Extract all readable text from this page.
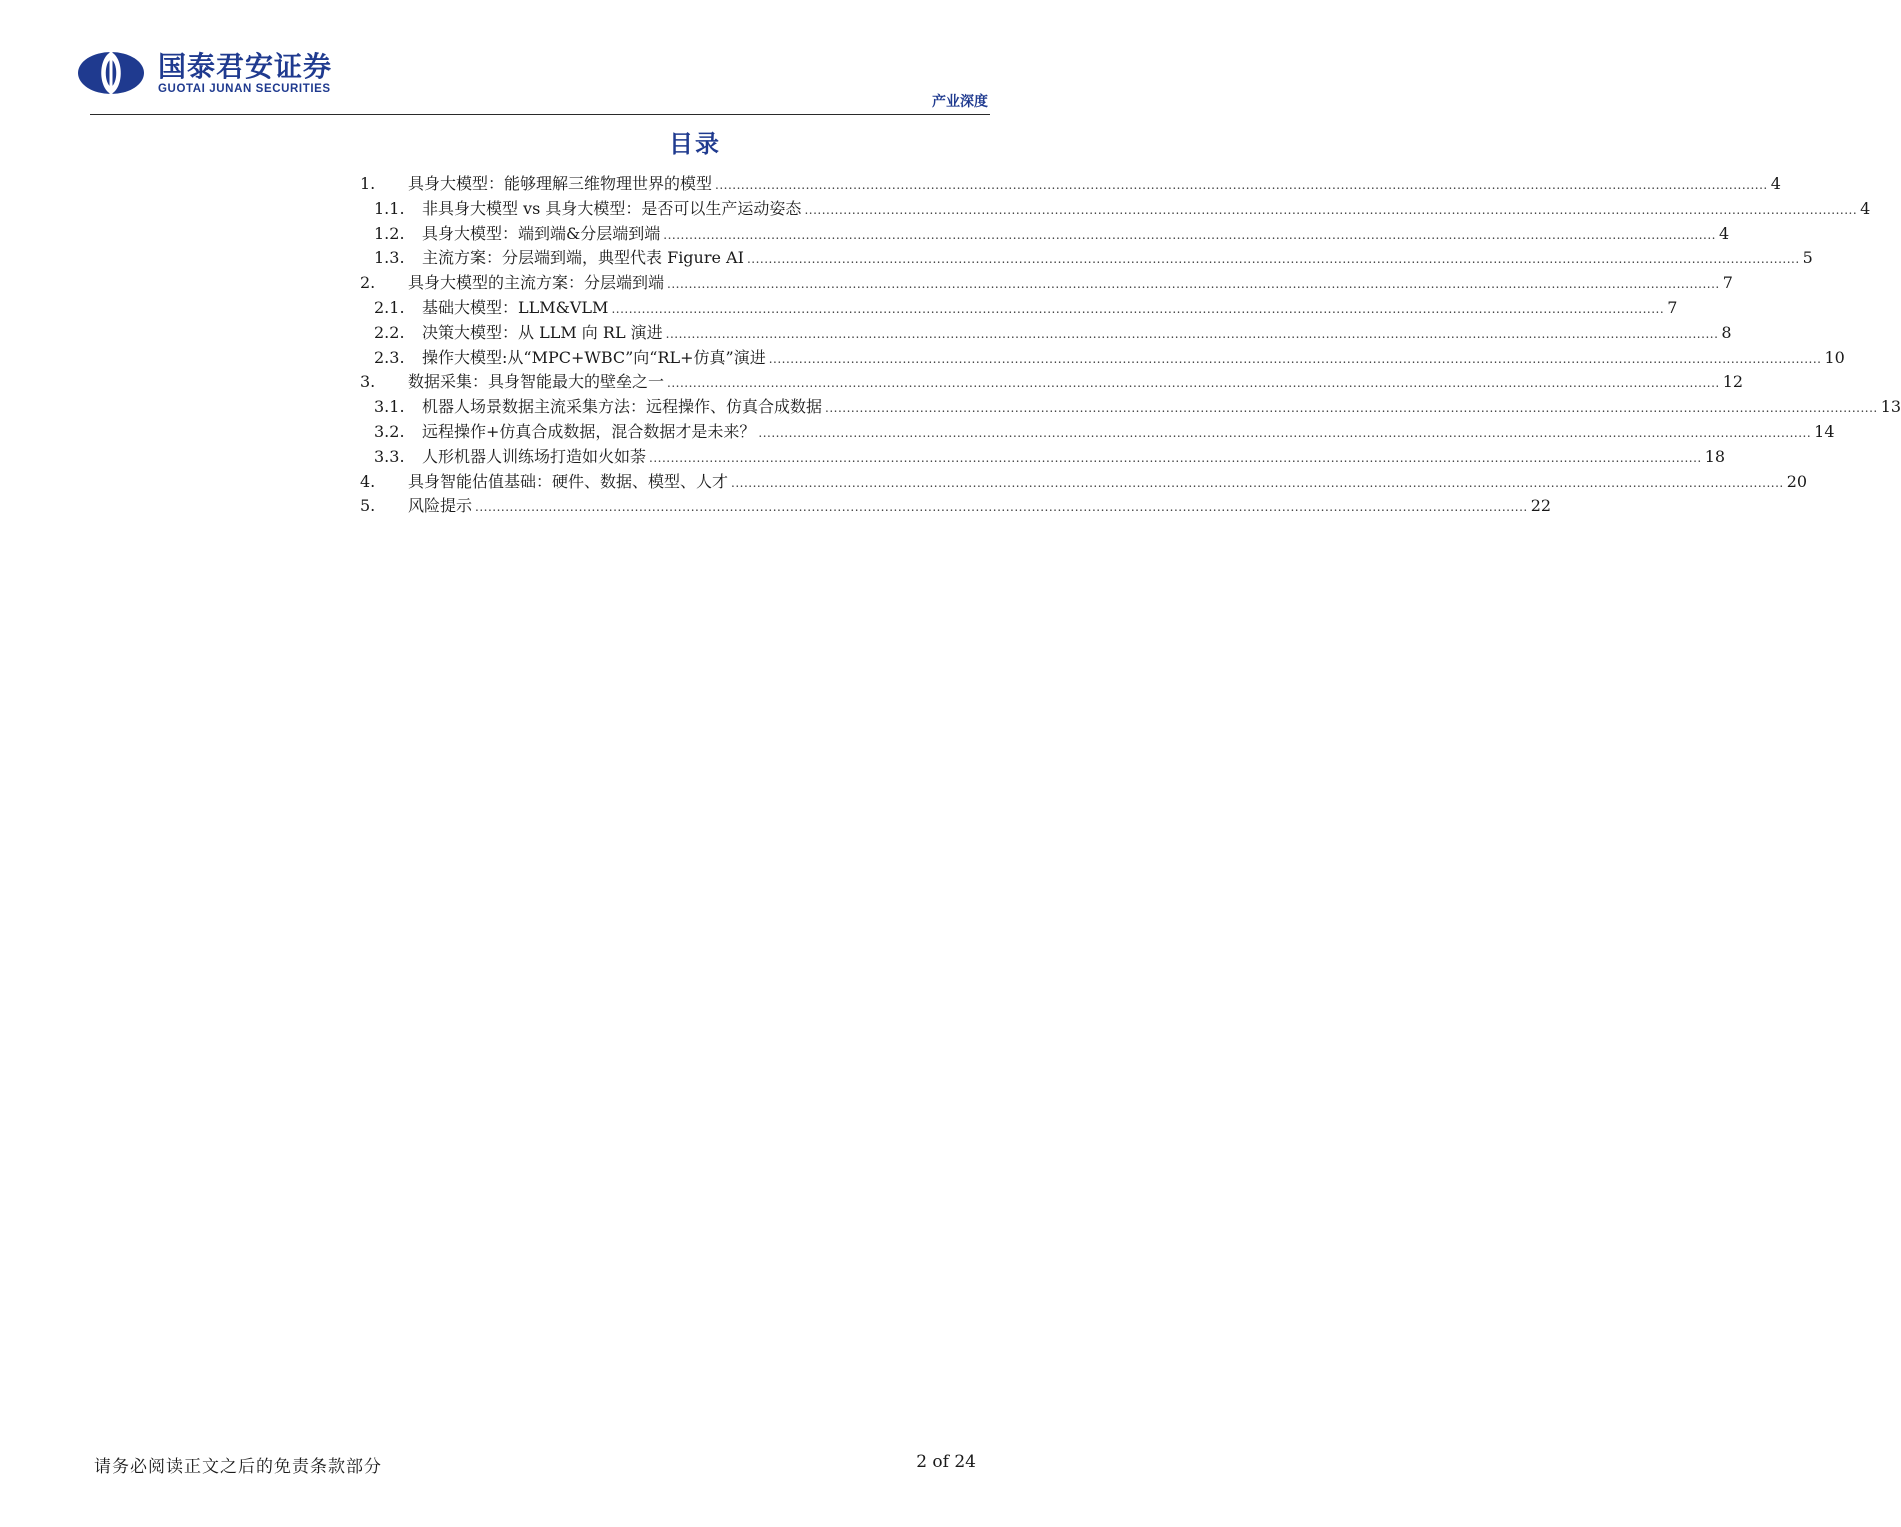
国泰君安证券
GUOTAI JUNAN SECURITIES
产业深度
目录
1.	具身大模型：能够理解三维物理世界的模型 .....	4
1.1.	非具身大模型 vs 具身大模型：是否可以生产运动姿态 .....	4
1.2.	具身大模型：端到端&分层端到端 .....	4
1.3.	主流方案：分层端到端，典型代表 Figure AI .....	5
2.	具身大模型的主流方案：分层端到端 .....	7
2.1.	基础大模型：LLM&VLM .....	7
2.2.	决策大模型：从 LLM 向 RL 演进 .....	8
2.3.	操作大模型:从“MPC+WBC”向“RL+仿真”演进 .....	10
3.	数据采集：具身智能最大的壁垒之一 .....	12
3.1.	机器人场景数据主流采集方法：远程操作、仿真合成数据 .....	13
3.2.	远程操作+仿真合成数据，混合数据才是未来？ .....	14
3.3.	人形机器人训练场打造如火如荼 .....	18
4.	具身智能估值基础：硬件、数据、模型、人才 .....	20
5.	风险提示 .....	22
请务必阅读正文之后的免责条款部分	2 of 24
